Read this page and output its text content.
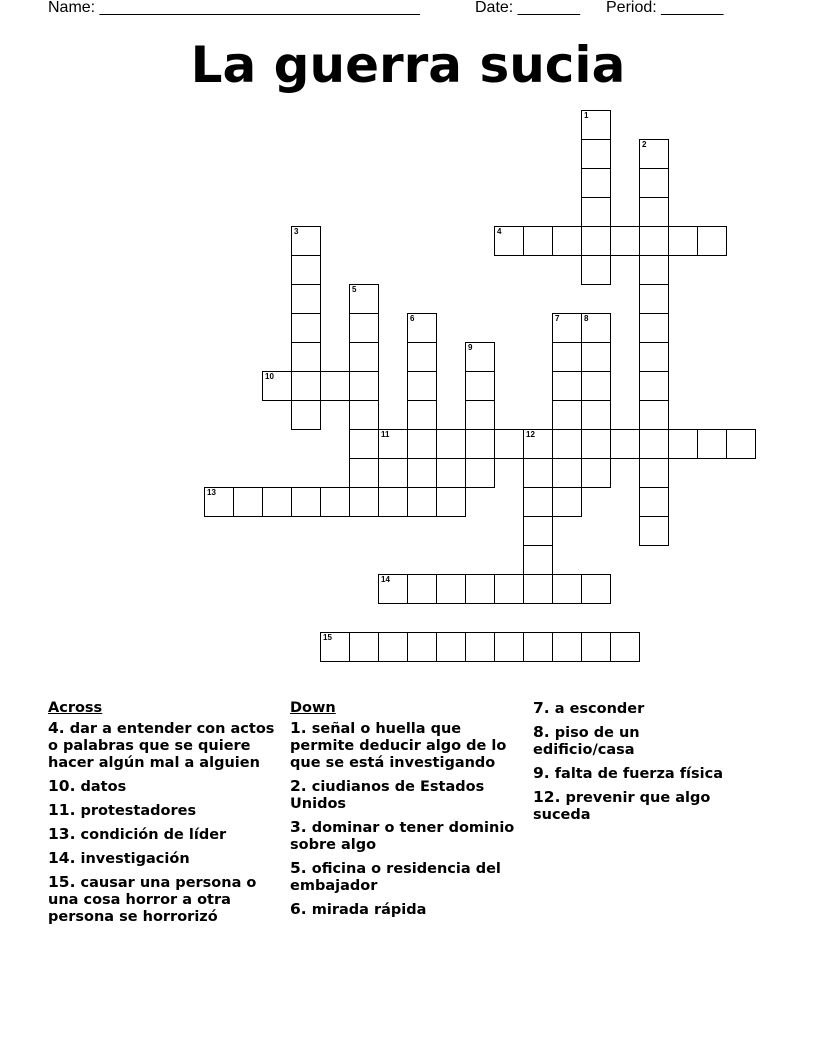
Name: ____________________________________

	Date: _______

Period: _______

La guerra sucia
1
2
3	4
5
6	7	8
9
10
11	12
13
14
15
Across
4. dar a entender con actos o palabras que se quiere hacer algún mal a alguien
10. datos
11. protestadores
13. condición de líder
14. investigación
15. causar una persona o una cosa horror a otra persona se horrorizó
Down
1. señal o huella que permite deducir algo de lo que se está investigando
2. ciudianos de Estados Unidos
3. dominar o tener dominio sobre algo
5. oficina o residencia del embajador
6. mirada rápida
7. a esconder
8. piso de un edificio/casa
9. falta de fuerza física
12. prevenir que algo suceda
